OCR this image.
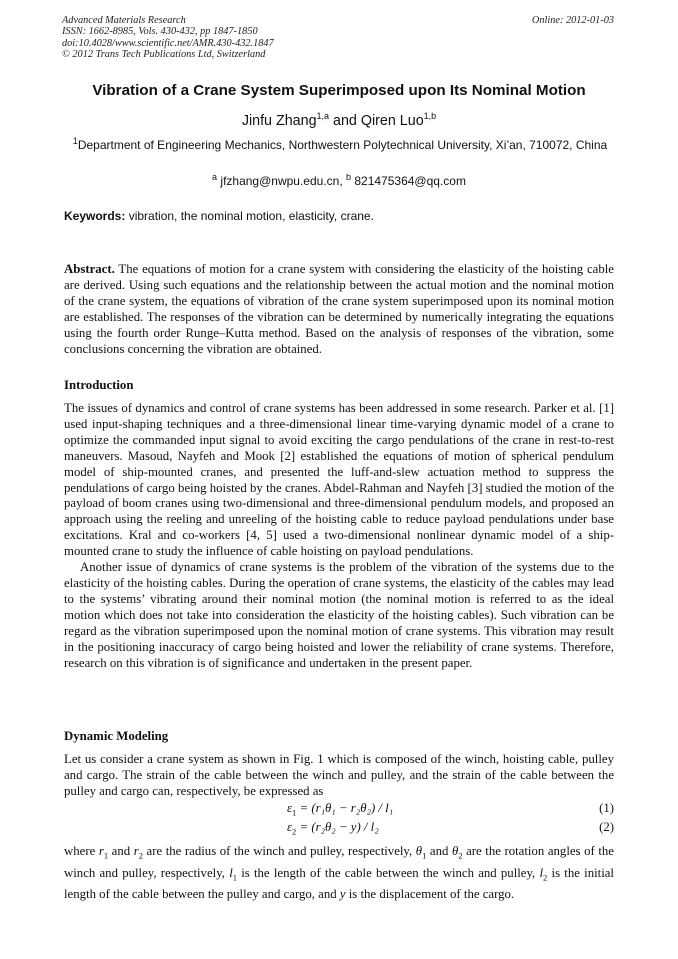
Advanced Materials Research
ISSN: 1662-8985, Vols. 430-432, pp 1847-1850
doi:10.4028/www.scientific.net/AMR.430-432.1847
© 2012 Trans Tech Publications Ltd, Switzerland
Online: 2012-01-03
Vibration of a Crane System Superimposed upon Its Nominal Motion
Jinfu Zhang$^{1,a}$ and Qiren Luo$^{1,b}$
$^1$Department of Engineering Mechanics, Northwestern Polytechnical University, Xi’an, 710072, China
$^a$ jfzhang@nwpu.edu.cn, $^b$ 821475364@qq.com
Keywords: vibration, the nominal motion, elasticity, crane.
Abstract. The equations of motion for a crane system with considering the elasticity of the hoisting cable are derived. Using such equations and the relationship between the actual motion and the nominal motion of the crane system, the equations of vibration of the crane system superimposed upon its nominal motion are established. The responses of the vibration can be determined by numerically integrating the equations using the fourth order Runge–Kutta method. Based on the analysis of responses of the vibration, some conclusions concerning the vibration are obtained.
Introduction
The issues of dynamics and control of crane systems has been addressed in some research. Parker et al. [1] used input-shaping techniques and a three-dimensional linear time-varying dynamic model of a crane to optimize the commanded input signal to avoid exciting the cargo pendulations of the crane in rest-to-rest maneuvers. Masoud, Nayfeh and Mook [2] established the equations of motion of spherical pendulum model of ship-mounted cranes, and presented the luff-and-slew actuation method to suppress the pendulations of cargo being hoisted by the cranes. Abdel-Rahman and Nayfeh [3] studied the motion of the payload of boom cranes using two-dimensional and three-dimensional pendulum models, and proposed an approach using the reeling and unreeling of the hoisting cable to reduce payload pendulations under base excitations. Kral and co-workers [4, 5] used a two-dimensional nonlinear dynamic model of a ship-mounted crane to study the influence of cable hoisting on payload pendulations.
Another issue of dynamics of crane systems is the problem of the vibration of the systems due to the elasticity of the hoisting cables. During the operation of crane systems, the elasticity of the cables may lead to the systems’ vibrating around their nominal motion (the nominal motion is referred to as the ideal motion which does not take into consideration the elasticity of the hoisting cables). Such vibration can be regard as the vibration superimposed upon the nominal motion of crane systems. This vibration may result in the positioning inaccuracy of cargo being hoisted and lower the reliability of crane systems. Therefore, research on this vibration is of significance and undertaken in the present paper.
Dynamic Modeling
Let us consider a crane system as shown in Fig. 1 which is composed of the winch, hoisting cable, pulley and cargo. The strain of the cable between the winch and pulley, and the strain of the cable between the pulley and cargo can, respectively, be expressed as
$\varepsilon_1 = (r_1\theta_1 - r_2\theta_2) / l_1$	(1)
$\varepsilon_2 = (r_2\theta_2 - y) / l_2$	(2)
where $r_1$ and $r_2$ are the radius of the winch and pulley, respectively, $\theta_1$ and $\theta_2$ are the rotation angles of the winch and pulley, respectively, $l_1$ is the length of the cable between the winch and pulley, $l_2$ is the initial length of the cable between the pulley and cargo, and y is the displacement of the cargo.
